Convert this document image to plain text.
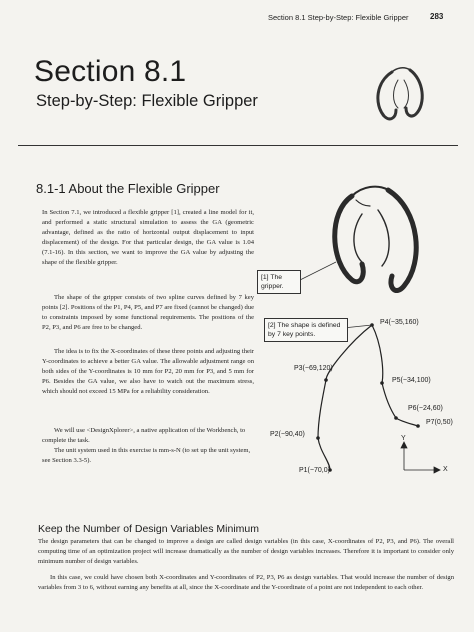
Section 8.1 Step-by-Step: Flexible Gripper	283
Section 8.1
Step-by-Step: Flexible Gripper
P4(−35,160)
P3(−69,120)
P5(−34,100)
P6(−24,60)
P7(0,50)
P2(−90,40)
P1(−70,0)
Y
X
[1] The gripper.
[2] The shape is defined by 7 key points.
8.1-1 About the Flexible Gripper
In Section 7.1, we introduced a flexible gripper [1], created a line model for it, and performed a static structural simulation to assess the GA (geometric advantage, defined as the ratio of horizontal output displacement to input displacement) of the design. For that particular design, the GA value is 1.04 (7.1-16). In this section, we want to improve the GA value by adjusting the shape of the flexible gripper.
The shape of the gripper consists of two spline curves defined by 7 key points [2]. Positions of the P1, P4, P5, and P7 are fixed (cannot be changed) due to constraints imposed by some functional requirements. The positions of the P2, P3, and P6 are free to be changed.
The idea is to fix the X-coordinates of these three points and adjusting their Y-coordinates to achieve a better GA value. The allowable adjustment range on both sides of the Y-coordinates is 10 mm for P2, 20 mm for P3, and 5 mm for P6. Besides the GA value, we also have to watch out the maximum stress, which should not exceed 15 MPa for a reliability consideration.
We will use <DesignXplorer>, a native application of the Workbench, to complete the task.
The unit system used in this exercise is mm-s-N (to set up the unit system, see Section 3.3-5).
Keep the Number of Design Variables Minimum
The design parameters that can be changed to improve a design are called design variables (in this case, X-coordinates of P2, P3, and P6). The overall computing time of an optimization project will increase dramatically as the number of design variables increases. Therefore it is important to consider only minimum number of design variables.
In this case, we could have chosen both X-coordinates and Y-coordinates of P2, P3, P6 as design variables. That would increase the number of design variables from 3 to 6, without earning any benefits at all, since the X-coordinate and the Y-coordinate of a point are not independent to each other.
